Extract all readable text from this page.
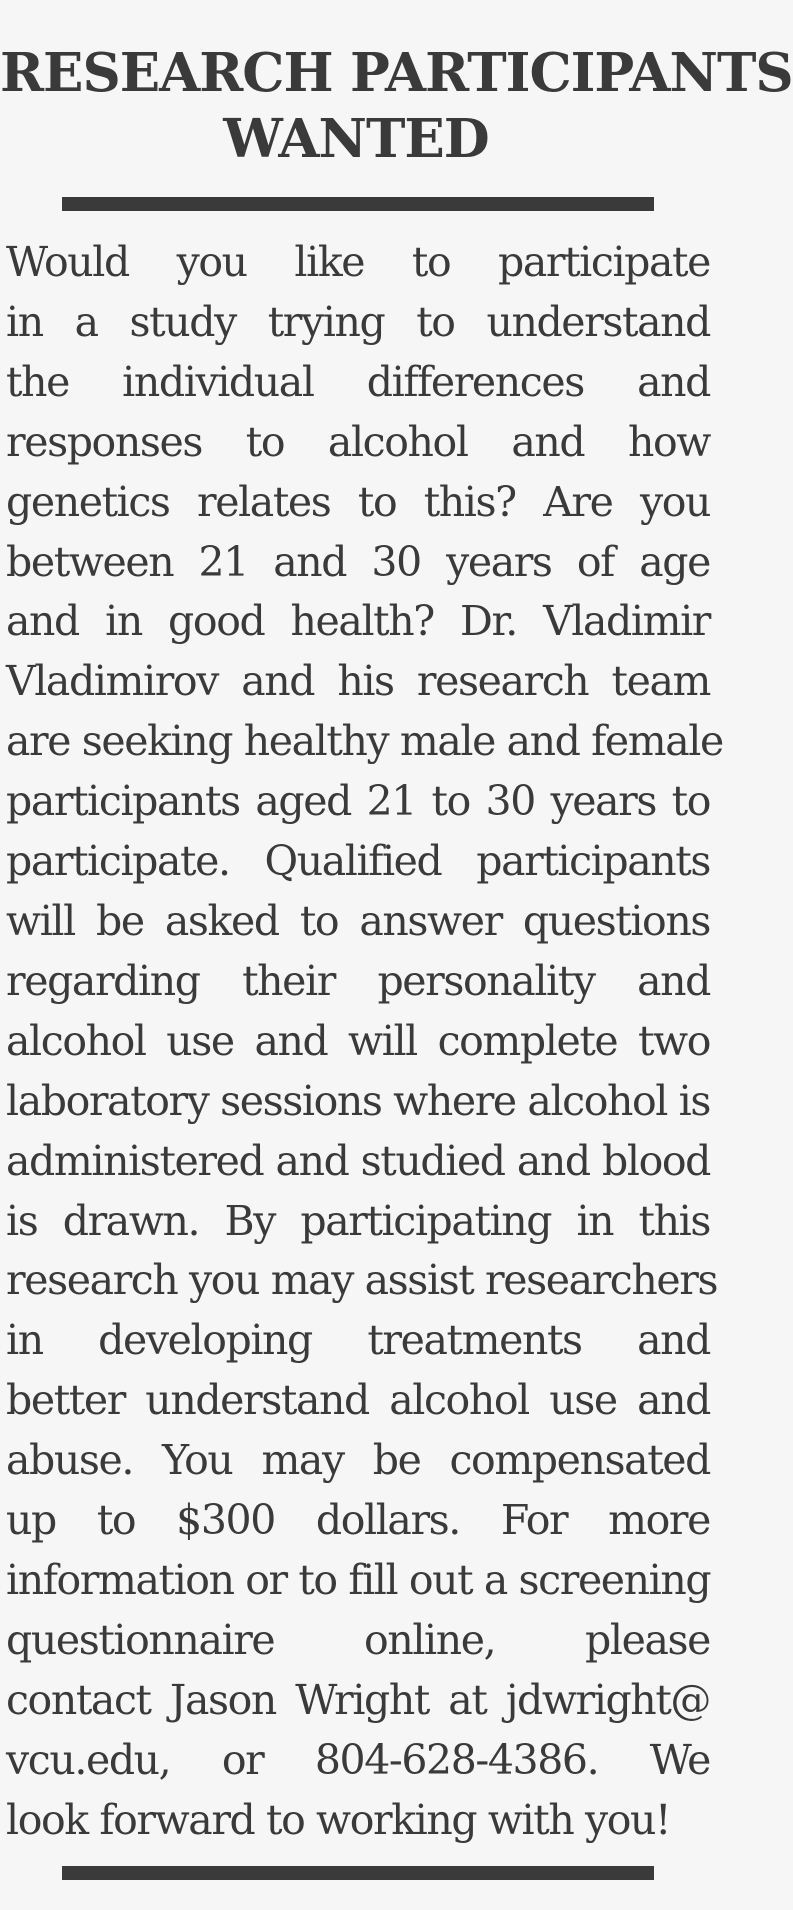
RESEARCH PARTICIPANTS
WANTED

Would you like to participate
in a study trying to understand
the individual differences and
responses to alcohol and how
genetics relates to this? Are you
between 21 and 30 years of age
and in good health? Dr. Vladimir
Vladimirov and his research team
are seeking healthy male and female
participants aged 21 to 30 years to
participate. Qualified participants
will be asked to answer questions
regarding their personality and
alcohol use and will complete two
laboratory sessions where alcohol is
administered and studied and blood
is drawn. By participating in this
research you may assist researchers
in developing treatments and
better understand alcohol use and
abuse. You may be compensated
up to $300 dollars. For more
information or to fill out a screening
questionnaire online, please
contact Jason Wright at jdwright@
vcu.edu, or 804-628-4386. We
look forward to working with you!
